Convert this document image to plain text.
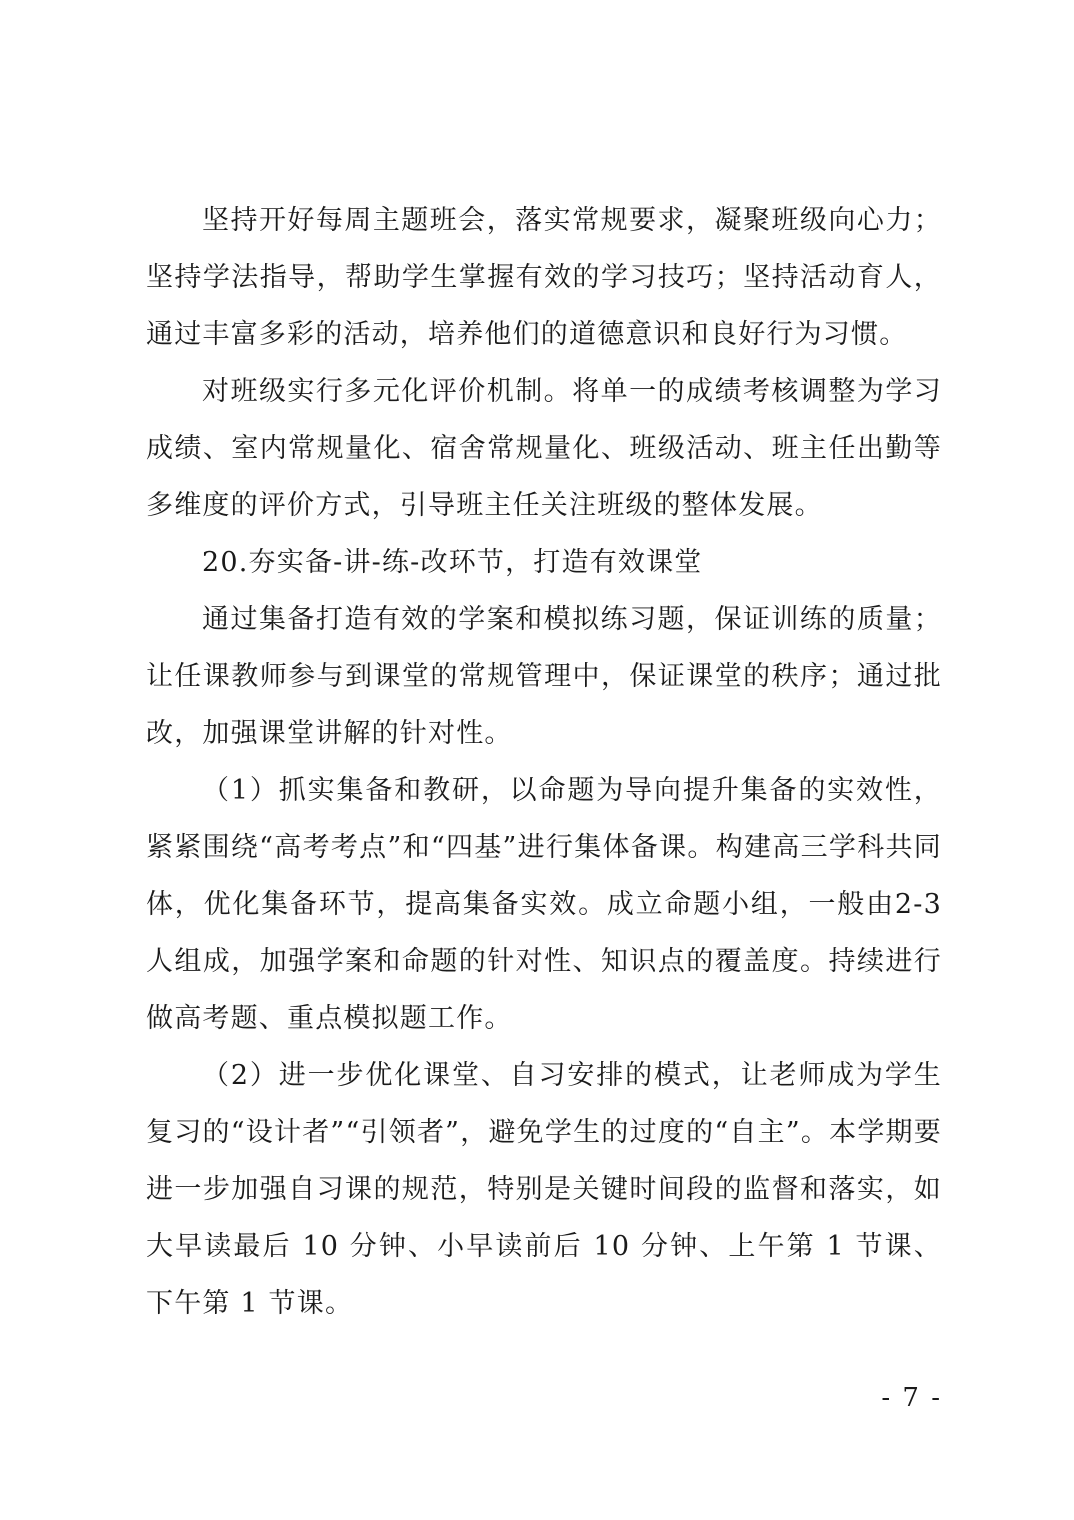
坚持开好每周主题班会，落实常规要求，凝聚班级向心力；坚持学法指导，帮助学生掌握有效的学习技巧；坚持活动育人，通过丰富多彩的活动，培养他们的道德意识和良好行为习惯。

对班级实行多元化评价机制。将单一的成绩考核调整为学习成绩、室内常规量化、宿舍常规量化、班级活动、班主任出勤等多维度的评价方式，引导班主任关注班级的整体发展。

20.夯实备-讲-练-改环节，打造有效课堂

通过集备打造有效的学案和模拟练习题，保证训练的质量；让任课教师参与到课堂的常规管理中，保证课堂的秩序；通过批改，加强课堂讲解的针对性。

（1）抓实集备和教研，以命题为导向提升集备的实效性，紧紧围绕“高考考点”和“四基”进行集体备课。构建高三学科共同体，优化集备环节，提高集备实效。成立命题小组，一般由2-3 人组成，加强学案和命题的针对性、知识点的覆盖度。持续进行做高考题、重点模拟题工作。

（2）进一步优化课堂、自习安排的模式，让老师成为学生复习的“设计者”“引领者”，避免学生的过度的“自主”。本学期要进一步加强自习课的规范，特别是关键时间段的监督和落实，如大早读最后 10 分钟、小早读前后 10 分钟、上午第 1 节课、下午第 1 节课。

- 7 -
